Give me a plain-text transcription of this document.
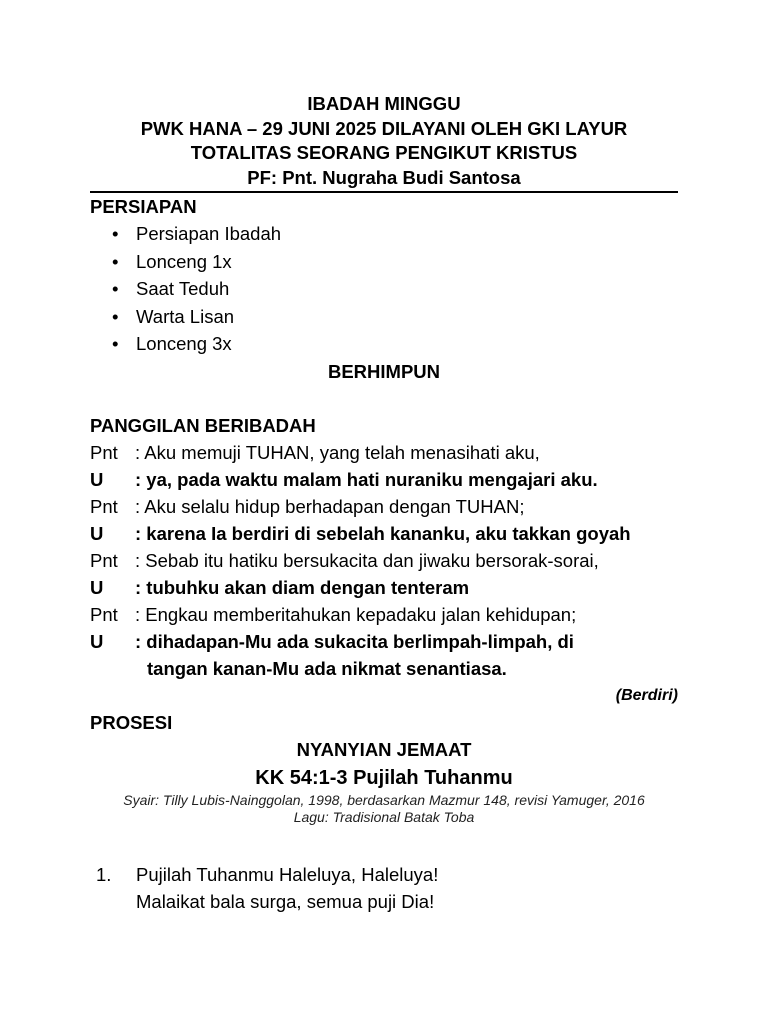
IBADAH MINGGU
PWK HANA – 29 JUNI 2025 DILAYANI OLEH GKI LAYUR
TOTALITAS SEORANG PENGIKUT KRISTUS
PF: Pnt. Nugraha Budi Santosa
PERSIAPAN
• Persiapan Ibadah
• Lonceng 1x
• Saat Teduh
• Warta Lisan
• Lonceng 3x
BERHIMPUN
PANGGILAN BERIBADAH
Pnt : Aku memuji TUHAN, yang telah menasihati aku,
U	: ya, pada waktu malam hati nuraniku mengajari aku.
Pnt : Aku selalu hidup berhadapan dengan TUHAN;
U	: karena Ia berdiri di sebelah kananku, aku takkan goyah
Pnt : Sebab itu hatiku bersukacita dan jiwaku bersorak-sorai,
U	: tubuhku akan diam dengan tenteram
Pnt : Engkau memberitahukan kepadaku jalan kehidupan;
U	: dihadapan-Mu ada sukacita berlimpah-limpah, di
tangan kanan-Mu ada nikmat senantiasa.
(Berdiri)
PROSESI
NYANYIAN JEMAAT
KK 54:1-3 Pujilah Tuhanmu
Syair: Tilly Lubis-Nainggolan, 1998, berdasarkan Mazmur 148, revisi Yamuger, 2016
Lagu: Tradisional Batak Toba
1.	Pujilah Tuhanmu Haleluya, Haleluya!
Malaikat bala surga, semua puji Dia!
